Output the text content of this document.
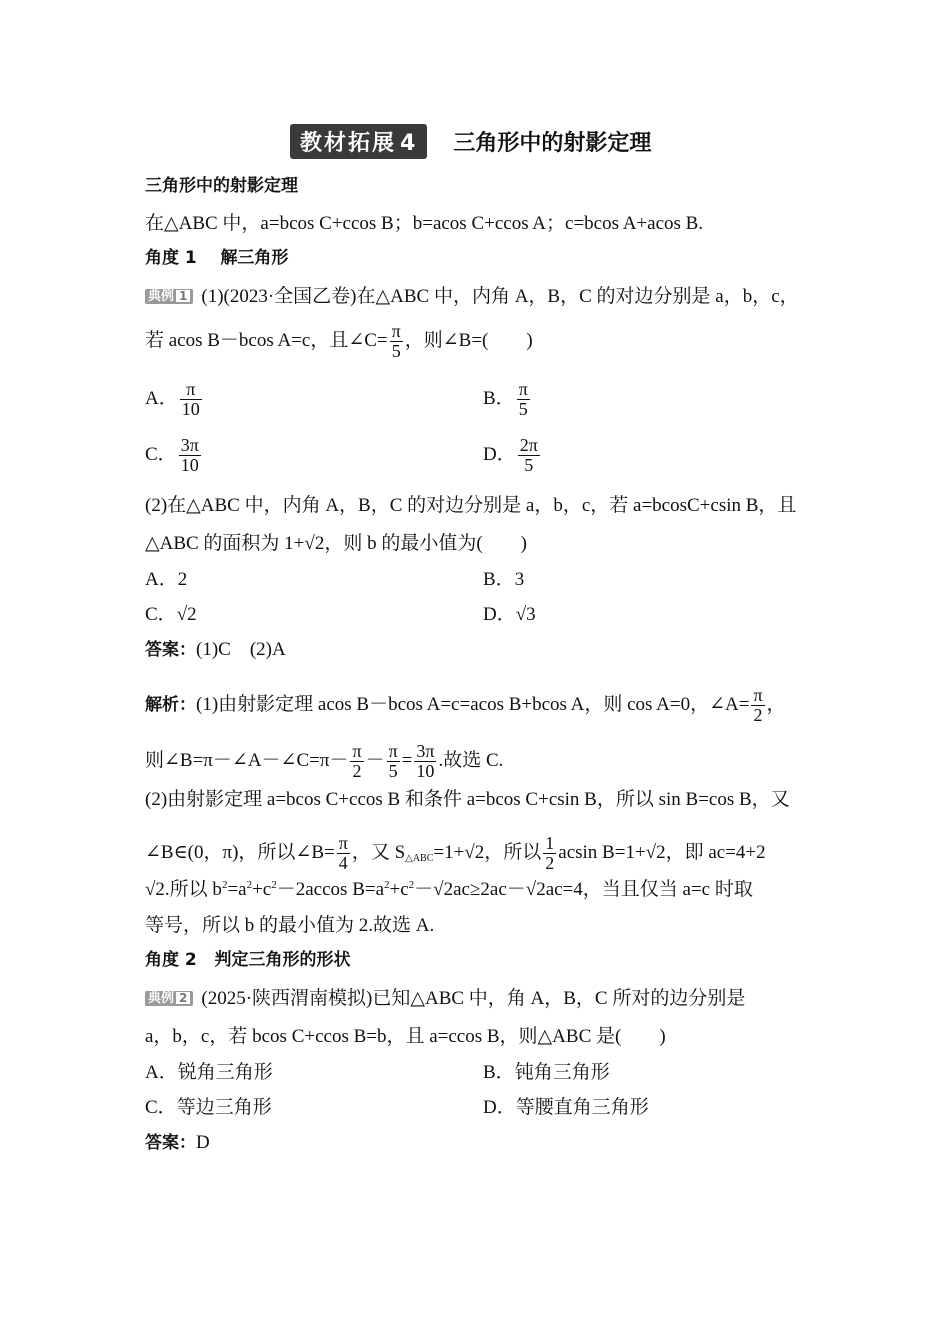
教材拓展 4	三角形中的射影定理
三角形中的射影定理
在△ABC 中，a=bcos C+ccos B；b=acos C+ccos A；c=bcos A+acos B.
角度 1 解三角形
典例 1 (1)(2023·全国乙卷)在△ABC 中，内角 A，B，C 的对边分别是 a，b，c，
若 acos B－bcos A=c，且∠C= $\frac{\pi}{5}$ ，则∠B=(　　)
A． $\frac{\pi}{10}$	B． $\frac{\pi}{5}$
C． $\frac{3\pi}{10}$	D． $\frac{2\pi}{5}$
(2)在△ABC 中，内角 A，B，C 的对边分别是 a，b，c，若 a=bcosC+csin B，且
△ABC 的面积为 1+√2，则 b 的最小值为(　　)
A．2	B．3
C．√2	D．√3
答案：(1)C　(2)A
解析：(1)由射影定理 acos B－bcos A=c=acos B+bcos A，则 cos A=0，∠A= $\frac{\pi}{2}$ ，
则∠B=π－∠A－∠C=π－ $\frac{\pi}{2} - \frac{\pi}{5} = \frac{3\pi}{10}$ .故选 C.
(2)由射影定理 a=bcos C+ccos B 和条件 a=bcos C+csin B，所以 sin B=cos B，又
∠B∈(0，π)，所以∠B= $\frac{\pi}{4}$ ，又 $S_{\triangle ABC}=1+√2$，所以 $\frac{1}{2}$ acsin B=1+√2，即 ac=4+2
√2.所以 $b^2=a^2+c^2-2accos$ $B=a^2+c^2-√2ac\ge 2ac-√2ac=4$，当且仅当 a=c 时取
等号，所以 b 的最小值为 2.故选 A.
角度 2 判定三角形的形状
典例 2 (2025·陕西渭南模拟)已知△ABC 中，角 A，B，C 所对的边分别是
a，b，c，若 bcos C+ccos B=b，且 a=ccos B，则△ABC 是(　　)
A．锐角三角形	B．钝角三角形
C．等边三角形	D．等腰直角三角形
答案：D
